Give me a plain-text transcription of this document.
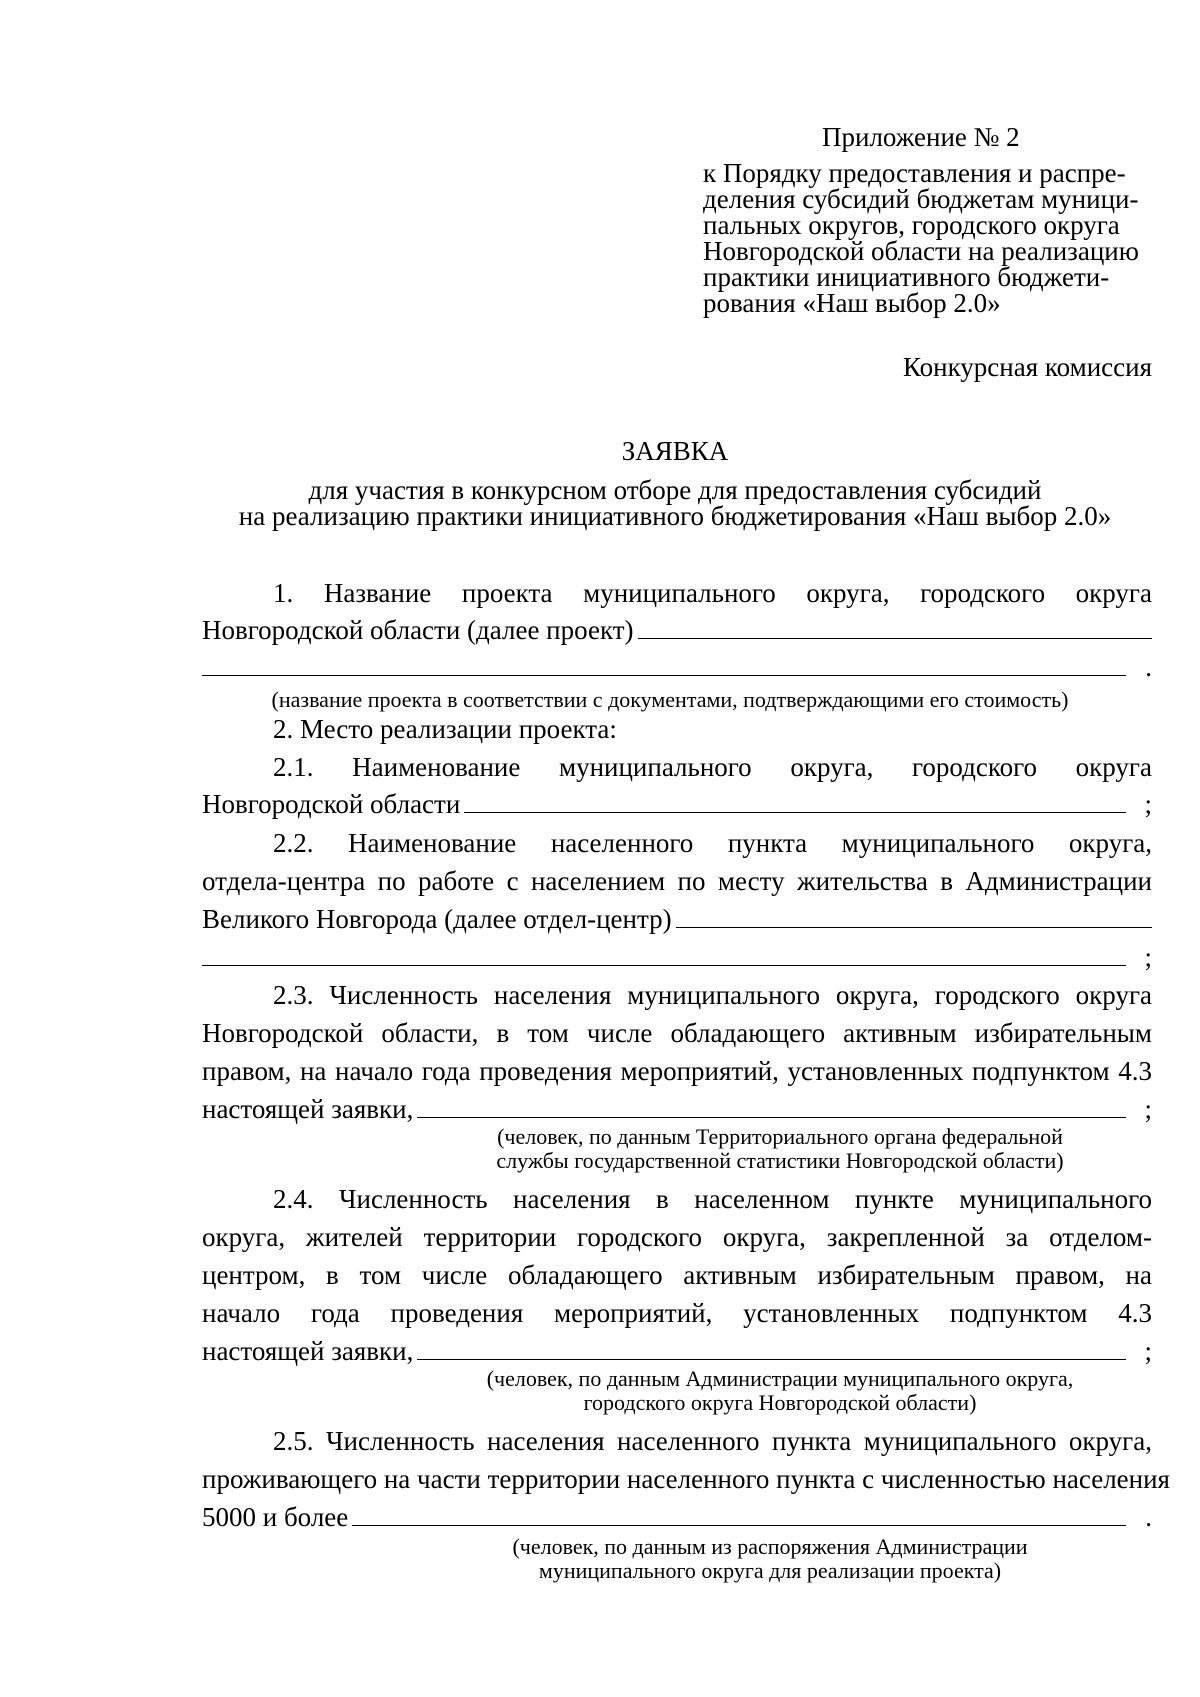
Приложение № 2
к Порядку предоставления и распре-
деления субсидий бюджетам муници-
пальных округов, городского округа
Новгородской области на реализацию
практики инициативного бюджети-
рования «Наш выбор 2.0»
Конкурсная комиссия
ЗАЯВКА
для участия в конкурсном отборе для предоставления субсидий
на реализацию практики инициативного бюджетирования «Наш выбор 2.0»
1. Название проекта муниципального округа, городского округа
Новгородской области (далее проект)
.
(название проекта в соответствии с документами, подтверждающими его стоимость)
2. Место реализации проекта:
2.1. Наименование муниципального округа, городского округа
Новгородской области	;
2.2. Наименование населенного пункта муниципального округа,
отдела-центра по работе с населением по месту жительства в Администрации
Великого Новгорода (далее отдел-центр)
;
2.3. Численность населения муниципального округа, городского округа
Новгородской области, в том числе обладающего активным избирательным
правом, на начало года проведения мероприятий, установленных подпунктом 4.3
настоящей заявки,	;
(человек, по данным Территориального органа федеральной
службы государственной статистики Новгородской области)
2.4. Численность населения в населенном пункте муниципального
округа, жителей территории городского округа, закрепленной за отделом-
центром, в том числе обладающего активным избирательным правом, на
начало года проведения мероприятий, установленных подпунктом 4.3
настоящей заявки,	;
(человек, по данным Администрации муниципального округа,
городского округа Новгородской области)
2.5. Численность населения населенного пункта муниципального округа,
проживающего на части территории населенного пункта с численностью населения
5000 и более	.
(человек, по данным из распоряжения Администрации
муниципального округа для реализации проекта)
